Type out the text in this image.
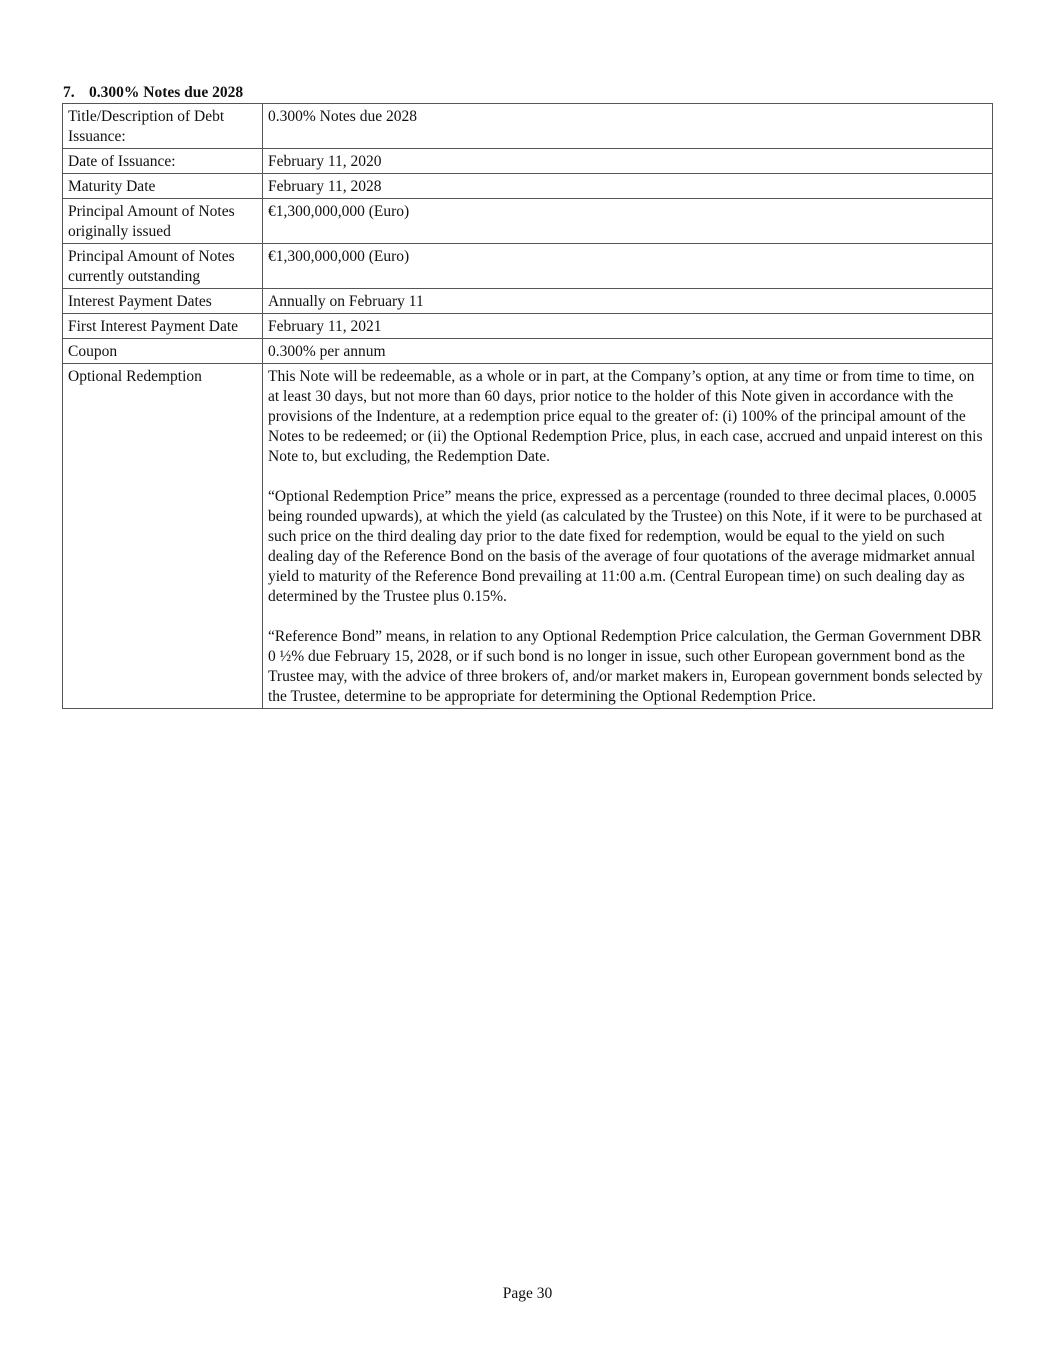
7. 0.300% Notes due 2028
Title/Description of Debt Issuance:	0.300% Notes due 2028
Date of Issuance:	February 11, 2020
Maturity Date	February 11, 2028
Principal Amount of Notes originally issued	€1,300,000,000 (Euro)
Principal Amount of Notes currently outstanding	€1,300,000,000 (Euro)
Interest Payment Dates	Annually on February 11
First Interest Payment Date	February 11, 2021
Coupon	0.300% per annum
Optional Redemption	This Note will be redeemable, as a whole or in part, at the Company’s option, at any time or from time to time, on at least 30 days, but not more than 60 days, prior notice to the holder of this Note given in accordance with the provisions of the Indenture, at a redemption price equal to the greater of: (i) 100% of the principal amount of the Notes to be redeemed; or (ii) the Optional Redemption Price, plus, in each case, accrued and unpaid interest on this Note to, but excluding, the Redemption Date.

“Optional Redemption Price” means the price, expressed as a percentage (rounded to three decimal places, 0.0005 being rounded upwards), at which the yield (as calculated by the Trustee) on this Note, if it were to be purchased at such price on the third dealing day prior to the date fixed for redemption, would be equal to the yield on such dealing day of the Reference Bond on the basis of the average of four quotations of the average midmarket annual yield to maturity of the Reference Bond prevailing at 11:00 a.m. (Central European time) on such dealing day as determined by the Trustee plus 0.15%.

“Reference Bond” means, in relation to any Optional Redemption Price calculation, the German Government DBR 0 ½% due February 15, 2028, or if such bond is no longer in issue, such other European government bond as the Trustee may, with the advice of three brokers of, and/or market makers in, European government bonds selected by the Trustee, determine to be appropriate for determining the Optional Redemption Price.

Page 30
